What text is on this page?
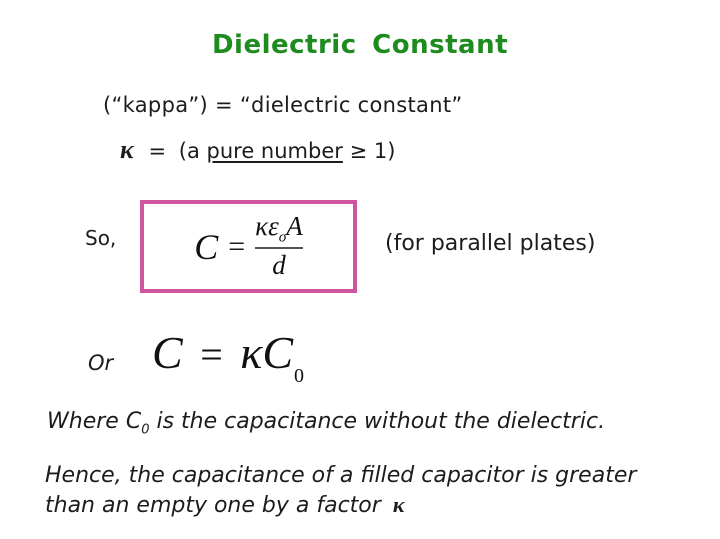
Dielectric Constant
(“kappa”) = “dielectric constant”
κ = (a pure number ≥ 1)
So, $C = \frac{\kappa\varepsilon_oA}{d}$	(for parallel plates)
Or $C = \kappa C_0$
Where $C_0$ is the capacitance without the dielectric.
Hence, the capacitance of a filled capacitor is greater
than an empty one by a factor κ
